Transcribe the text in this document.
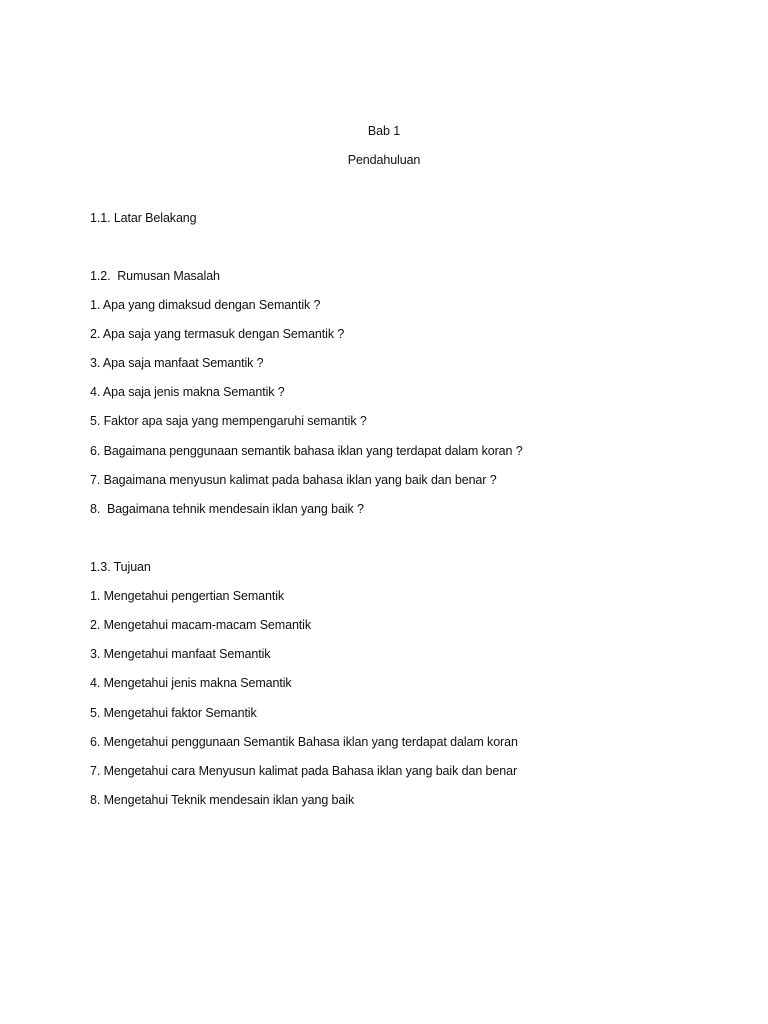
Bab 1
Pendahuluan
1.1. Latar Belakang
1.2.  Rumusan Masalah
1. Apa yang dimaksud dengan Semantik ?
2. Apa saja yang termasuk dengan Semantik ?
3. Apa saja manfaat Semantik ?
4. Apa saja jenis makna Semantik ?
5. Faktor apa saja yang mempengaruhi semantik ?
6. Bagaimana penggunaan semantik bahasa iklan yang terdapat dalam koran ?
7. Bagaimana menyusun kalimat pada bahasa iklan yang baik dan benar ?
8.  Bagaimana tehnik mendesain iklan yang baik ?
1.3. Tujuan
1. Mengetahui pengertian Semantik
2. Mengetahui macam-macam Semantik
3. Mengetahui manfaat Semantik
4. Mengetahui jenis makna Semantik
5. Mengetahui faktor Semantik
6. Mengetahui penggunaan Semantik Bahasa iklan yang terdapat dalam koran
7. Mengetahui cara Menyusun kalimat pada Bahasa iklan yang baik dan benar
8. Mengetahui Teknik mendesain iklan yang baik
